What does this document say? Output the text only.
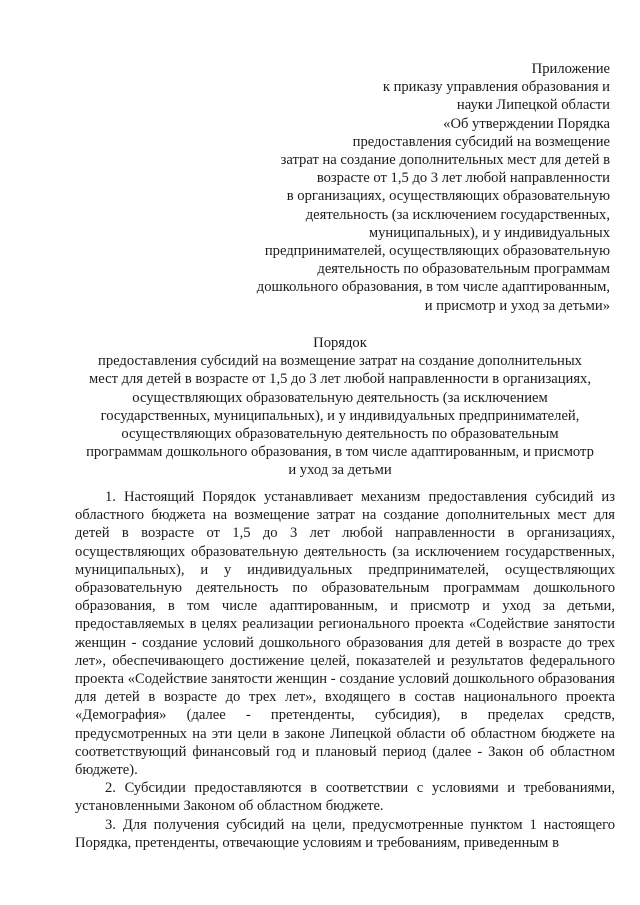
Приложение
к приказу управления образования и
науки Липецкой области
«Об утверждении Порядка
предоставления субсидий на возмещение
затрат на создание дополнительных мест для детей в
возрасте от 1,5 до 3 лет любой направленности
в организациях, осуществляющих образовательную
деятельность (за исключением государственных,
муниципальных), и у индивидуальных
предпринимателей, осуществляющих образовательную
деятельность по образовательным программам
дошкольного образования, в том числе адаптированным,
и присмотр и уход за детьми»
Порядок
предоставления субсидий на возмещение затрат на создание дополнительных
мест для детей в возрасте от 1,5 до 3 лет любой направленности в организациях,
осуществляющих образовательную деятельность (за исключением
государственных, муниципальных), и у индивидуальных предпринимателей,
осуществляющих образовательную деятельность по образовательным
программам дошкольного образования, в том числе адаптированным, и присмотр
и уход за детьми

1. Настоящий Порядок устанавливает механизм предоставления субсидий из областного бюджета на возмещение затрат на создание дополнительных мест для детей в возрасте от 1,5 до 3 лет любой направленности в организациях, осуществляющих образовательную деятельность (за исключением государственных, муниципальных), и у индивидуальных предпринимателей, осуществляющих образовательную деятельность по образовательным программам дошкольного образования, в том числе адаптированным, и присмотр и уход за детьми, предоставляемых в целях реализации регионального проекта «Содействие занятости женщин - создание условий дошкольного образования для детей в возрасте до трех лет», обеспечивающего достижение целей, показателей и результатов федерального проекта «Содействие занятости женщин - создание условий дошкольного образования для детей в возрасте до трех лет», входящего в состав национального проекта «Демография» (далее - претенденты, субсидия), в пределах средств, предусмотренных на эти цели в законе Липецкой области об областном бюджете на соответствующий финансовый год и плановый период (далее - Закон об областном бюджете).

2. Субсидии предоставляются в соответствии с условиями и требованиями, установленными Законом об областном бюджете.

3. Для получения субсидий на цели, предусмотренные пунктом 1 настоящего Порядка, претенденты, отвечающие условиям и требованиям, приведенным в
